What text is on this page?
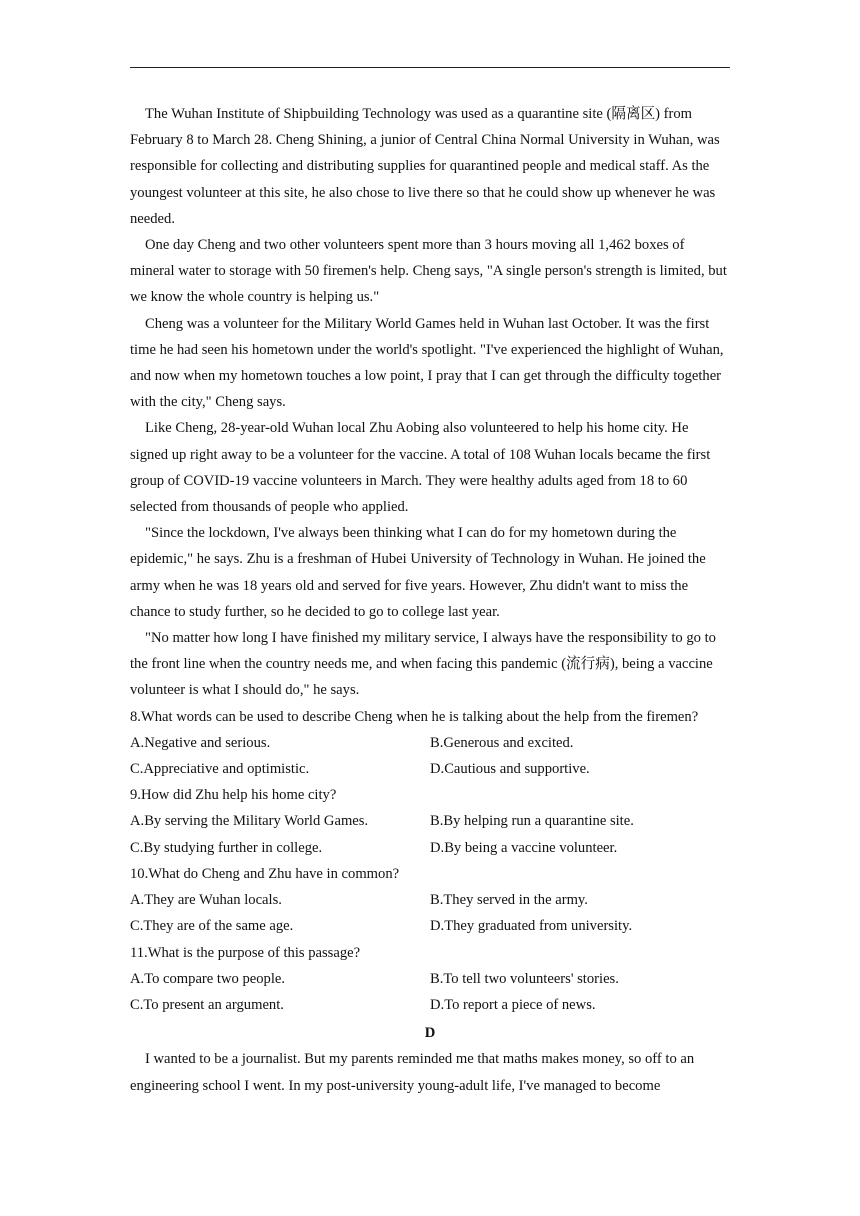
The Wuhan Institute of Shipbuilding Technology was used as a quarantine site (隔离区) from February 8 to March 28. Cheng Shining, a junior of Central China Normal University in Wuhan, was responsible for collecting and distributing supplies for quarantined people and medical staff. As the youngest volunteer at this site, he also chose to live there so that he could show up whenever he was needed.

One day Cheng and two other volunteers spent more than 3 hours moving all 1,462 boxes of mineral water to storage with 50 firemen's help. Cheng says, "A single person's strength is limited, but we know the whole country is helping us."

Cheng was a volunteer for the Military World Games held in Wuhan last October. It was the first time he had seen his hometown under the world's spotlight. "I've experienced the highlight of Wuhan, and now when my hometown touches a low point, I pray that I can get through the difficulty together with the city," Cheng says.

Like Cheng, 28-year-old Wuhan local Zhu Aobing also volunteered to help his home city. He signed up right away to be a volunteer for the vaccine. A total of 108 Wuhan locals became the first group of COVID-19 vaccine volunteers in March. They were healthy adults aged from 18 to 60 selected from thousands of people who applied.

"Since the lockdown, I've always been thinking what I can do for my hometown during the epidemic," he says. Zhu is a freshman of Hubei University of Technology in Wuhan. He joined the army when he was 18 years old and served for five years. However, Zhu didn't want to miss the chance to study further, so he decided to go to college last year.

"No matter how long I have finished my military service, I always have the responsibility to go to the front line when the country needs me, and when facing this pandemic (流行病), being a vaccine volunteer is what I should do," he says.

8.What words can be used to describe Cheng when he is talking about the help from the firemen?

A.Negative and serious.	B.Generous and excited.
C.Appreciative and optimistic.	D.Cautious and supportive.

9.How did Zhu help his home city?

A.By serving the Military World Games.	B.By helping run a quarantine site.
C.By studying further in college.	D.By being a vaccine volunteer.

10.What do Cheng and Zhu have in common?

A.They are Wuhan locals.	B.They served in the army.
C.They are of the same age.	D.They graduated from university.

11.What is the purpose of this passage?

A.To compare two people.	B.To tell two volunteers' stories.
C.To present an argument.	D.To report a piece of news.

D

I wanted to be a journalist. But my parents reminded me that maths makes money, so off to an engineering school I went. In my post-university young-adult life, I've managed to become
